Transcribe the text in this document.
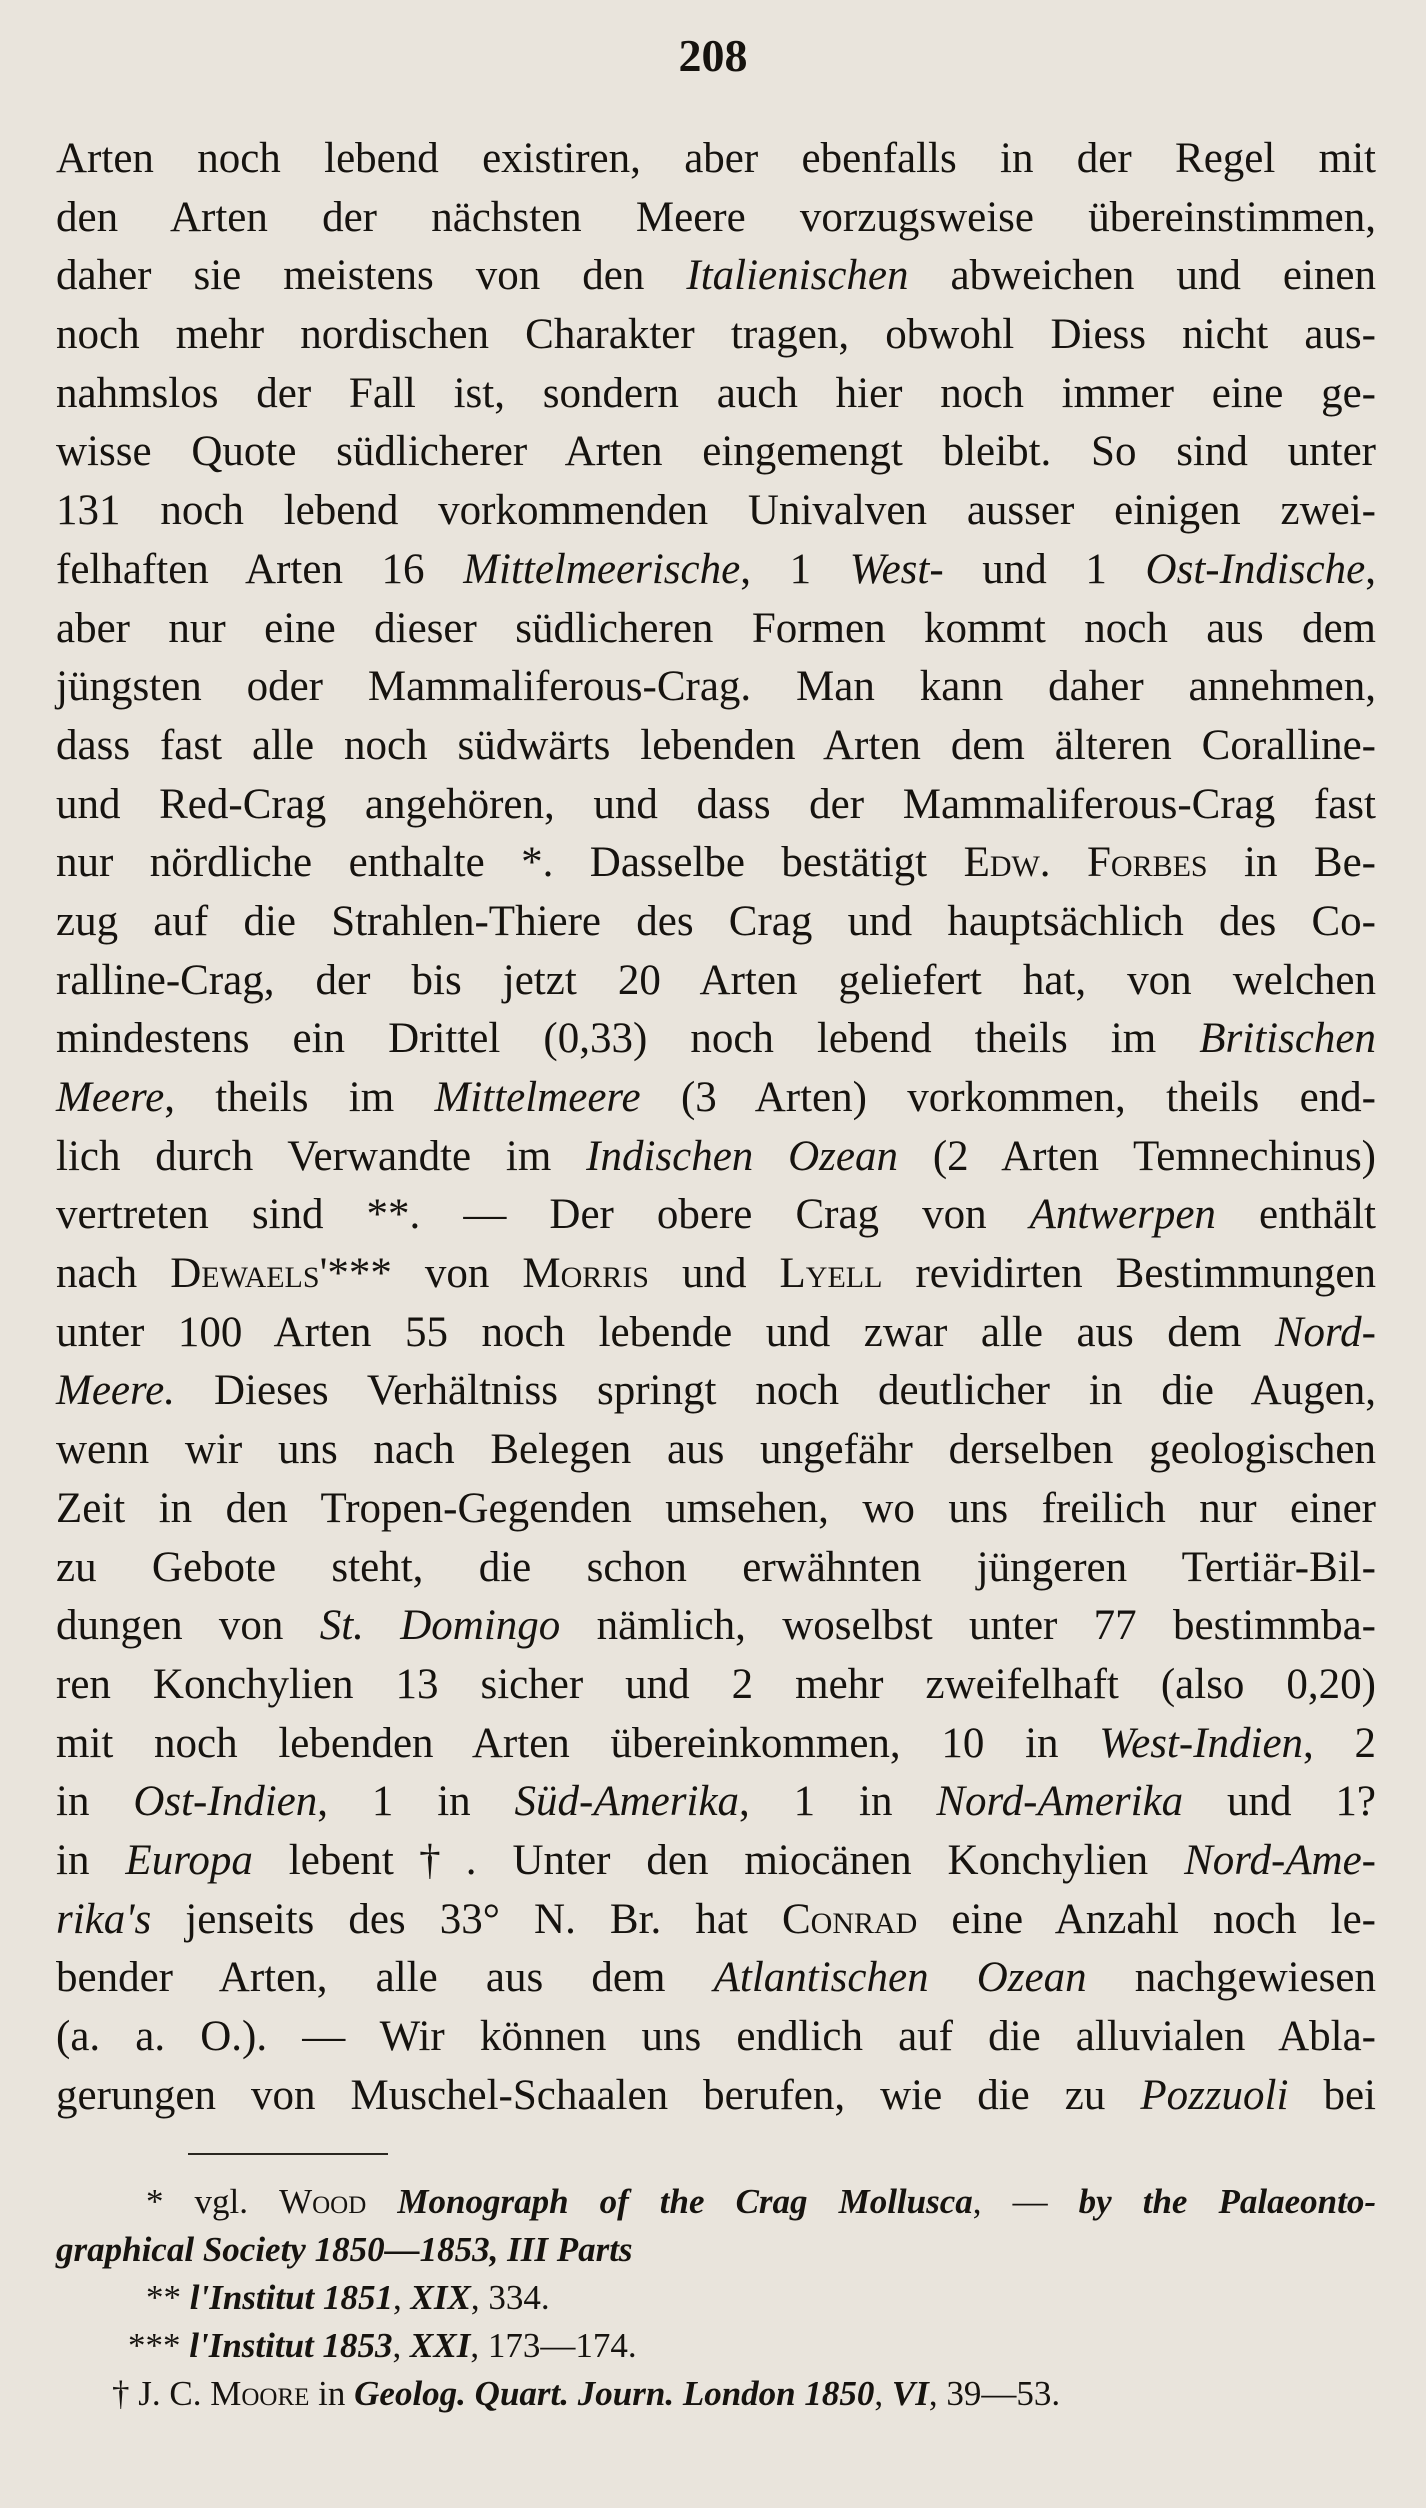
208
Arten noch lebend existiren, aber ebenfalls in der Regel mit
den Arten der nächsten Meere vorzugsweise übereinstimmen,
daher sie meistens von den Italienischen abweichen und einen
noch mehr nordischen Charakter tragen, obwohl Diess nicht aus-
nahmslos der Fall ist, sondern auch hier noch immer eine ge-
wisse Quote südlicherer Arten eingemengt bleibt. So sind unter
131 noch lebend vorkommenden Univalven ausser einigen zwei-
felhaften Arten 16 Mittelmeerische, 1 West- und 1 Ost-Indische,
aber nur eine dieser südlicheren Formen kommt noch aus dem
jüngsten oder Mammaliferous-Crag. Man kann daher annehmen,
dass fast alle noch südwärts lebenden Arten dem älteren Coralline-
und Red-Crag angehören, und dass der Mammaliferous-Crag fast
nur nördliche enthalte *. Dasselbe bestätigt Edw. Forbes in Be-
zug auf die Strahlen-Thiere des Crag und hauptsächlich des Co-
ralline-Crag, der bis jetzt 20 Arten geliefert hat, von welchen
mindestens ein Drittel (0,33) noch lebend theils im Britischen
Meere, theils im Mittelmeere (3 Arten) vorkommen, theils end-
lich durch Verwandte im Indischen Ozean (2 Arten Temnechinus)
vertreten sind **. — Der obere Crag von Antwerpen enthält
nach Dewaels'*** von Morris und Lyell revidirten Bestimmungen
unter 100 Arten 55 noch lebende und zwar alle aus dem Nord-
Meere. Dieses Verhältniss springt noch deutlicher in die Augen,
wenn wir uns nach Belegen aus ungefähr derselben geologischen
Zeit in den Tropen-Gegenden umsehen, wo uns freilich nur einer
zu Gebote steht, die schon erwähnten jüngeren Tertiär-Bil-
dungen von St. Domingo nämlich, woselbst unter 77 bestimmba-
ren Konchylien 13 sicher und 2 mehr zweifelhaft (also 0,20)
mit noch lebenden Arten übereinkommen, 10 in West-Indien, 2
in Ost-Indien, 1 in Süd-Amerika, 1 in Nord-Amerika und 1?
in Europa lebent†. Unter den miocänen Konchylien Nord-Ame-
rika's jenseits des 33° N. Br. hat Conrad eine Anzahl noch le-
bender Arten, alle aus dem Atlantischen Ozean nachgewiesen
(a. a. O.). — Wir können uns endlich auf die alluvialen Abla-
gerungen von Muschel-Schaalen berufen, wie die zu Pozzuoli bei
* vgl. Wood Monograph of the Crag Mollusca, — by the Palaeonto-
graphical Society 1850—1853, III Parts
** l'Institut 1851, XIX, 334.
*** l'Institut 1853, XXI, 173—174.
† J. C. Moore in Geolog. Quart. Journ. London 1850, VI, 39—53.
